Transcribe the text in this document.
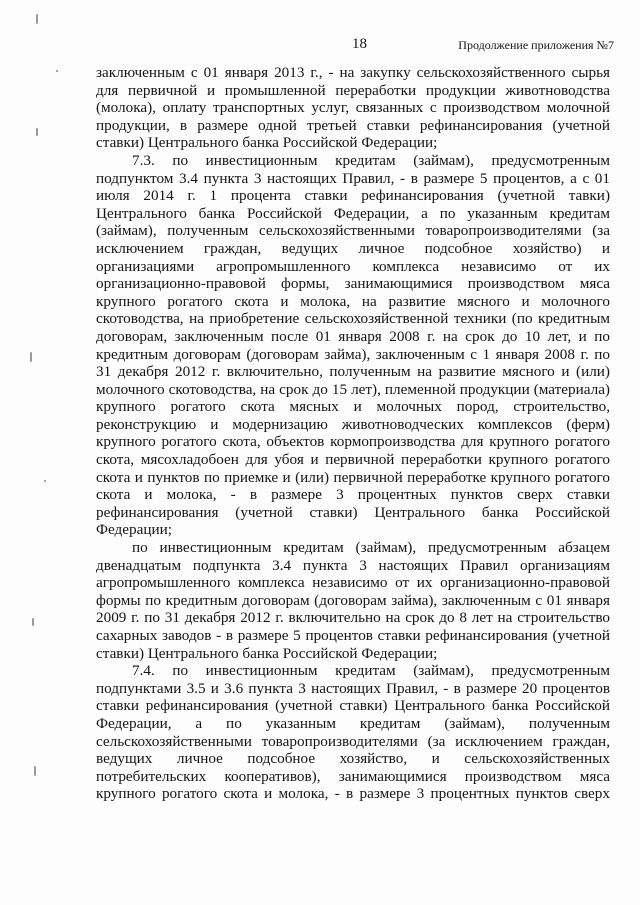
18	Продолжение приложения №7

заключенным с 01 января 2013 г., - на закупку сельскохозяйственного сырья для первичной и промышленной переработки продукции животноводства (молока), оплату транспортных услуг, связанных с производством молочной продукции, в размере одной третьей ставки рефинансирования (учетной ставки) Центрального банка Российской Федерации;

7.3. по инвестиционным кредитам (займам), предусмотренным подпунктом 3.4 пункта 3 настоящих Правил, - в размере 5 процентов, а с 01 июля 2014 г. 1 процента ставки рефинансирования (учетной тавки) Центрального банка Российской Федерации, а по указанным кредитам (займам), полученным сельскохозяйственными товаропроизводителями (за исключением граждан, ведущих личное подсобное хозяйство) и организациями агропромышленного комплекса независимо от их организационно-правовой формы, занимающимися производством мяса крупного рогатого скота и молока, на развитие мясного и молочного скотоводства, на приобретение сельскохозяйственной техники (по кредитным договорам, заключенным после 01 января 2008 г. на срок до 10 лет, и по кредитным договорам (договорам займа), заключенным с 1 января 2008 г. по 31 декабря 2012 г. включительно, полученным на развитие мясного и (или) молочного скотоводства, на срок до 15 лет), племенной продукции (материала) крупного рогатого скота мясных и молочных пород, строительство, реконструкцию и модернизацию животноводческих комплексов (ферм) крупного рогатого скота, объектов кормопроизводства для крупного рогатого скота, мясохладобоен для убоя и первичной переработки крупного рогатого скота и пунктов по приемке и (или) первичной переработке крупного рогатого скота и молока, - в размере 3 процентных пунктов сверх ставки рефинансирования (учетной ставки) Центрального банка Российской Федерации;

по инвестиционным кредитам (займам), предусмотренным абзацем двенадцатым подпункта 3.4 пункта 3 настоящих Правил организациям агропромышленного комплекса независимо от их организационно-правовой формы по кредитным договорам (договорам займа), заключенным с 01 января 2009 г. по 31 декабря 2012 г. включительно на срок до 8 лет на строительство сахарных заводов - в размере 5 процентов ставки рефинансирования (учетной ставки) Центрального банка Российской Федерации;

7.4. по инвестиционным кредитам (займам), предусмотренным подпунктами 3.5 и 3.6 пункта 3 настоящих Правил, - в размере 20 процентов ставки рефинансирования (учетной ставки) Центрального банка Российской Федерации, а по указанным кредитам (займам), полученным сельскохозяйственными товаропроизводителями (за исключением граждан, ведущих личное подсобное хозяйство, и сельскохозяйственных потребительских кооперативов), занимающимися производством мяса крупного рогатого скота и молока, - в размере 3 процентных пунктов сверх
